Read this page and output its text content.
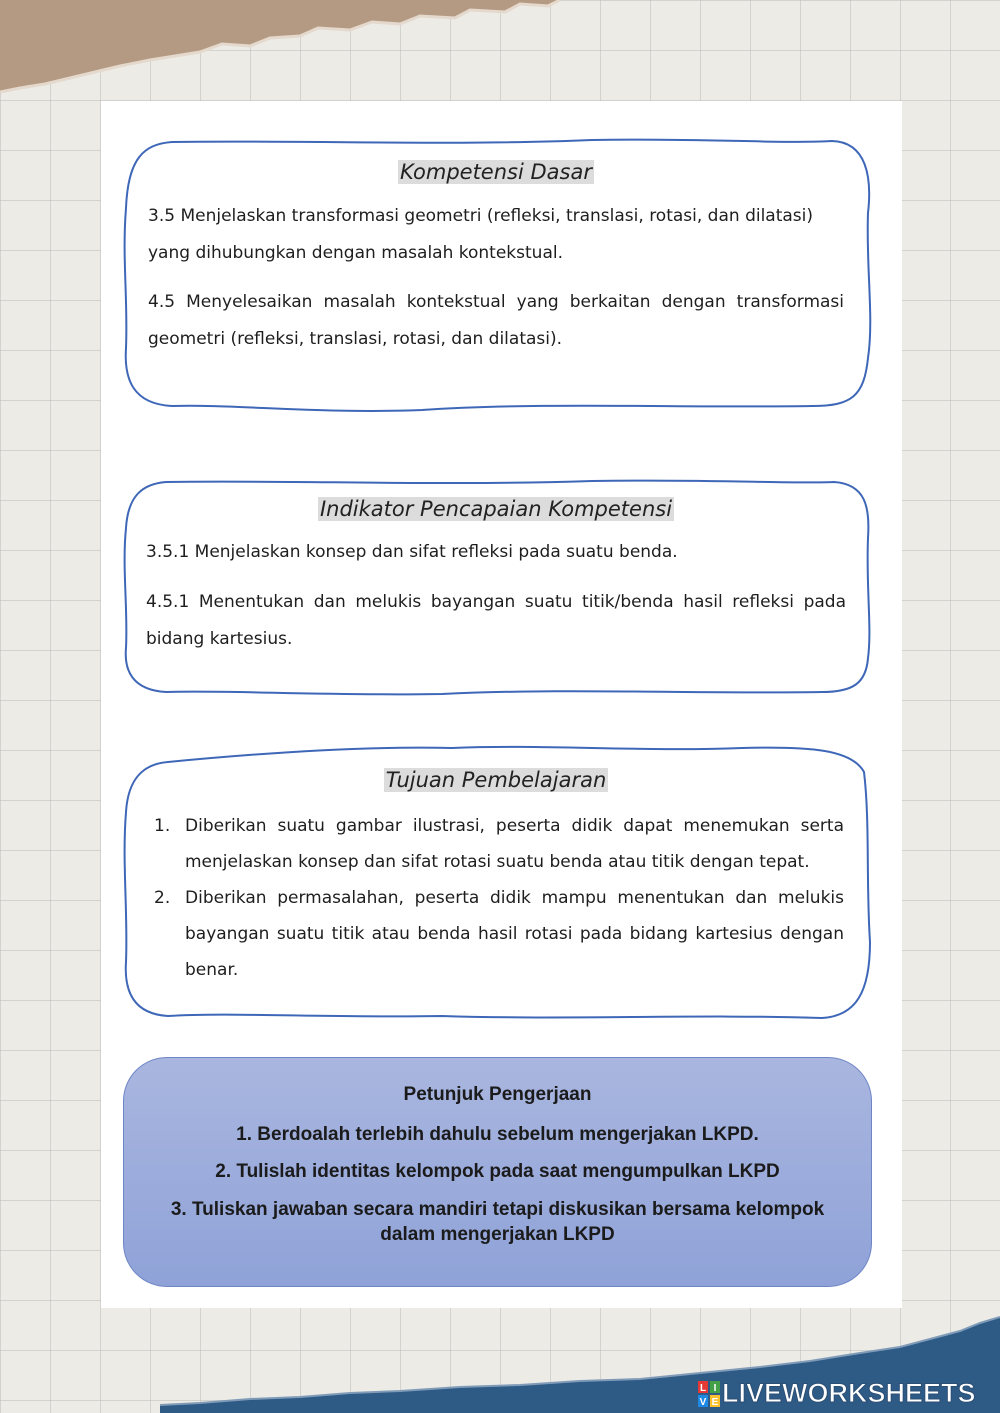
Kompetensi Dasar
3.5 Menjelaskan transformasi geometri (refleksi, translasi, rotasi, dan dilatasi)
yang dihubungkan dengan masalah kontekstual.
4.5 Menyelesaikan masalah kontekstual yang berkaitan dengan transformasi
geometri (refleksi, translasi, rotasi, dan dilatasi).
Indikator Pencapaian Kompetensi
3.5.1 Menjelaskan konsep dan sifat refleksi pada suatu benda.
4.5.1 Menentukan dan melukis bayangan suatu titik/benda hasil refleksi pada
bidang kartesius.
Tujuan Pembelajaran
1. Diberikan suatu gambar ilustrasi, peserta didik dapat menemukan serta
menjelaskan konsep dan sifat rotasi suatu benda atau titik dengan tepat.
2. Diberikan permasalahan, peserta didik mampu menentukan dan melukis
bayangan suatu titik atau benda hasil rotasi pada bidang kartesius dengan
benar.
Petunjuk Pengerjaan
1. Berdoalah terlebih dahulu sebelum mengerjakan LKPD.
2. Tulislah identitas kelompok pada saat mengumpulkan LKPD
3. Tuliskan jawaban secara mandiri tetapi diskusikan bersama kelompok
dalam mengerjakan LKPD
L I
V E LIVEWORKSHEETS
